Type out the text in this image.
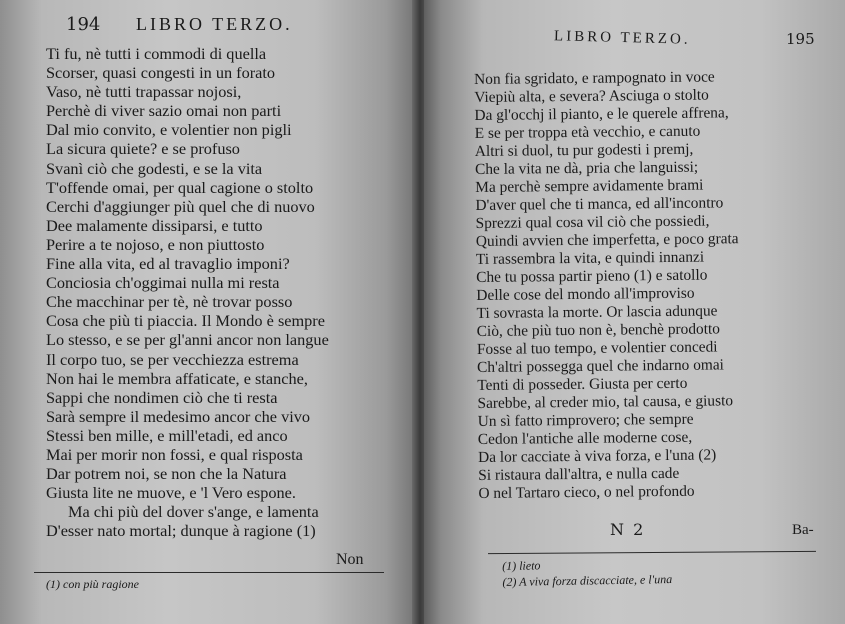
194 LIBRO TERZO.
Ti fu, nè tutti i commodi di quella
Scorser, quasi congesti in un forato
Vaso, nè tutti trapassar nojosi,
Perchè di viver sazio omai non parti
Dal mio convito, e volentier non pigli
La sicura quiete? e se profuso
Svanì ciò che godesti, e se la vita
T'offende omai, per qual cagione o stolto
Cerchi d'aggiunger più quel che di nuovo
Dee malamente dissiparsi, e tutto
Perire a te nojoso, e non piuttosto
Fine alla vita, ed al travaglio imponi?
Conciosia ch'oggimai nulla mi resta
Che macchinar per tè, nè trovar posso
Cosa che più ti piaccia. Il Mondo è sempre
Lo stesso, e se per gl'anni ancor non langue
Il corpo tuo, se per vecchiezza estrema
Non hai le membra affaticate, e stanche,
Sappi che nondimen ciò che ti resta
Sarà sempre il medesimo ancor che vivo
Stessi ben mille, e mill'etadi, ed anco
Mai per morir non fossi, e qual risposta
Dar potrem noi, se non che la Natura
Giusta lite ne muove, e 'l Vero espone.
Ma chi più del dover s'ange, e lamenta
D'esser nato mortal; dunque à ragione (1)
Non
(1) con più ragione
LIBRO TERZO.	195
Non fia sgridato, e rampognato in voce
Viepiù alta, e severa? Asciuga o stolto
Da gl'occhj il pianto, e le querele affrena,
E se per troppa età vecchio, e canuto
Altri si duol, tu pur godesti i premj,
Che la vita ne dà, pria che languissi;
Ma perchè sempre avidamente brami
D'aver quel che ti manca, ed all'incontro
Sprezzi qual cosa vil ciò che possiedi,
Quindi avvien che imperfetta, e poco grata
Ti rassembra la vita, e quindi innanzi
Che tu possa partir pieno (1) e satollo
Delle cose del mondo all'improviso
Ti sovrasta la morte. Or lascia adunque
Ciò, che più tuo non è, benchè prodotto
Fosse al tuo tempo, e volentier concedi
Ch'altri possegga quel che indarno omai
Tenti di posseder. Giusta per certo
Sarebbe, al creder mio, tal causa, e giusto
Un sì fatto rimprovero; che sempre
Cedon l'antiche alle moderne cose,
Da lor cacciate à viva forza, e l'una (2)
Si ristaura dall'altra, e nulla cade
O nel Tartaro cieco, o nel profondo
N 2	Ba-
(1) lieto
(2) A viva forza discacciate, e l'una
